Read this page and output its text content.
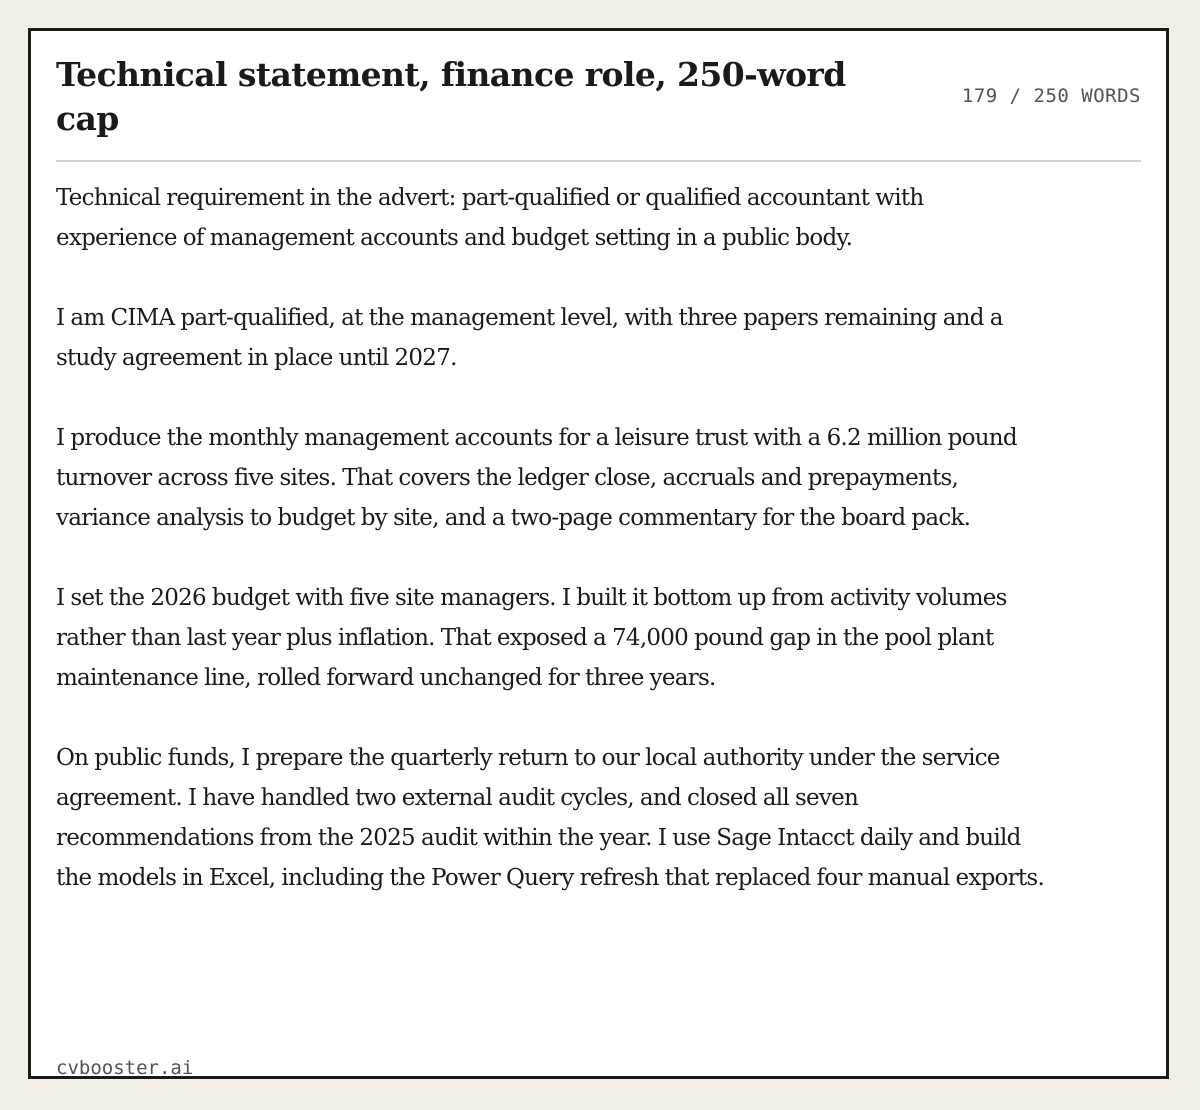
Technical statement, finance role, 250-word cap
179 / 250 WORDS

Technical requirement in the advert: part-qualified or qualified accountant with experience of management accounts and budget setting in a public body.

I am CIMA part-qualified, at the management level, with three papers remaining and a study agreement in place until 2027.

I produce the monthly management accounts for a leisure trust with a 6.2 million pound turnover across five sites. That covers the ledger close, accruals and prepayments, variance analysis to budget by site, and a two-page commentary for the board pack.

I set the 2026 budget with five site managers. I built it bottom up from activity volumes rather than last year plus inflation. That exposed a 74,000 pound gap in the pool plant maintenance line, rolled forward unchanged for three years.

On public funds, I prepare the quarterly return to our local authority under the service agreement. I have handled two external audit cycles, and closed all seven recommendations from the 2025 audit within the year. I use Sage Intacct daily and build the models in Excel, including the Power Query refresh that replaced four manual exports.

cvbooster.ai
